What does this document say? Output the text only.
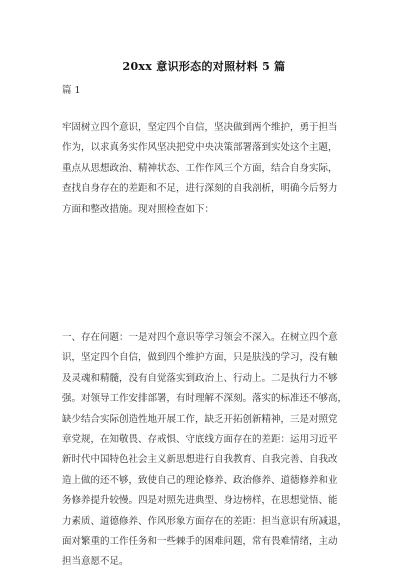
20xx 意识形态的对照材料 5 篇
篇 1
牢固树立四个意识，坚定四个自信，坚决做到两个维护，勇于担当
作为，以求真务实作风坚决把党中央决策部署落到实处这个主题，
重点从思想政治、精神状态、工作作风三个方面，结合自身实际，
查找自身存在的差距和不足，进行深刻的自我剖析，明确今后努力
方面和整改措施。现对照检查如下：
一、存在问题：一是对四个意识等学习领会不深入。在树立四个意
识，坚定四个自信，做到四个维护方面，只是肤浅的学习，没有触
及灵魂和精髓，没有自觉落实到政治上、行动上。二是执行力不够
强。对领导工作安排部署，有时理解不深刻。落实的标准还不够高，
缺少结合实际创造性地开展工作，缺乏开拓创新精神，三是对照党
章党规，在知敬畏、存戒惧、守底线方面存在的差距：运用习近平
新时代中国特色社会主义新思想进行自我教育、自我完善、自我改
造上做的还不够，致使自己的理论修养、政治修养、道德修养和业
务修养提升较慢。四是对照先进典型、身边榜样，在思想觉悟、能
力素质、道德修养、作风形象方面存在的差距：担当意识有所减退，
面对繁重的工作任务和一些棘手的困难问题，常有畏难情绪，主动
担当意愿不足。
